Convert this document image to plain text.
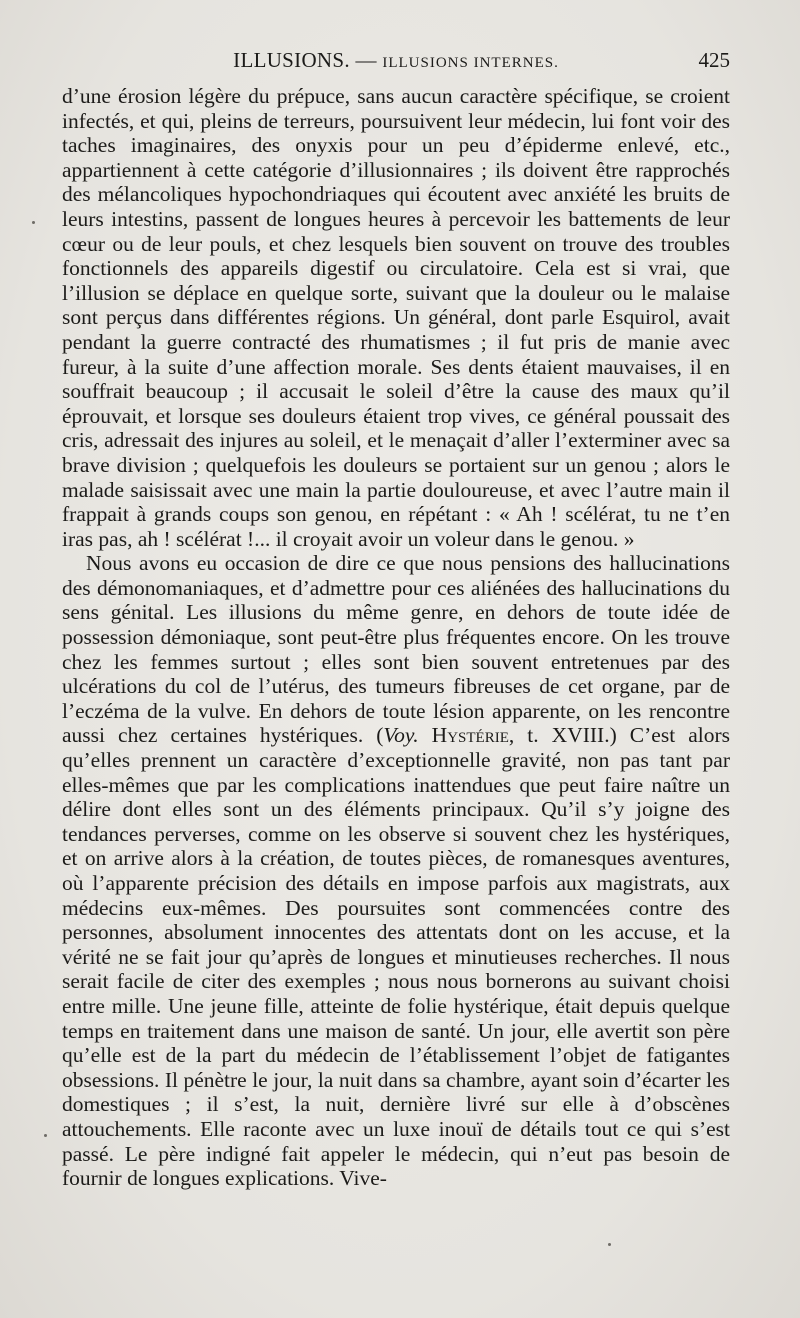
ILLUSIONS. — ILLUSIONS INTERNES.	425

d’une érosion légère du prépuce, sans aucun caractère spécifique, se croient infectés, et qui, pleins de terreurs, poursuivent leur médecin, lui font voir des taches imaginaires, des onyxis pour un peu d’épiderme enlevé, etc., appartiennent à cette catégorie d’illusionnaires ; ils doivent être rapprochés des mélancoliques hypochondriaques qui écoutent avec anxiété les bruits de leurs intestins, passent de longues heures à percevoir les battements de leur cœur ou de leur pouls, et chez lesquels bien souvent on trouve des troubles fonctionnels des appareils digestif ou circulatoire. Cela est si vrai, que l’illusion se déplace en quelque sorte, suivant que la douleur ou le malaise sont perçus dans différentes régions. Un général, dont parle Esquirol, avait pendant la guerre contracté des rhumatismes ; il fut pris de manie avec fureur, à la suite d’une affection morale. Ses dents étaient mauvaises, il en souffrait beaucoup ; il accusait le soleil d’être la cause des maux qu’il éprouvait, et lorsque ses douleurs étaient trop vives, ce général poussait des cris, adressait des injures au soleil, et le menaçait d’aller l’exterminer avec sa brave division ; quelquefois les douleurs se portaient sur un genou ; alors le malade saisissait avec une main la partie douloureuse, et avec l’autre main il frappait à grands coups son genou, en répétant : « Ah ! scélérat, tu ne t’en iras pas, ah ! scélérat !... il croyait avoir un voleur dans le genou. »

Nous avons eu occasion de dire ce que nous pensions des hallucinations des démonomaniaques, et d’admettre pour ces aliénées des hallucinations du sens génital. Les illusions du même genre, en dehors de toute idée de possession démoniaque, sont peut-être plus fréquentes encore. On les trouve chez les femmes surtout ; elles sont bien souvent entretenues par des ulcérations du col de l’utérus, des tumeurs fibreuses de cet organe, par de l’eczéma de la vulve. En dehors de toute lésion apparente, on les rencontre aussi chez certaines hystériques. (Voy. Hystérie, t. XVIII.) C’est alors qu’elles prennent un caractère d’exceptionnelle gravité, non pas tant par elles-mêmes que par les complications inattendues que peut faire naître un délire dont elles sont un des éléments principaux. Qu’il s’y joigne des tendances perverses, comme on les observe si souvent chez les hystériques, et on arrive alors à la création, de toutes pièces, de romanesques aventures, où l’apparente précision des détails en impose parfois aux magistrats, aux médecins eux-mêmes. Des poursuites sont commencées contre des personnes, absolument innocentes des attentats dont on les accuse, et la vérité ne se fait jour qu’après de longues et minutieuses recherches. Il nous serait facile de citer des exemples ; nous nous bornerons au suivant choisi entre mille. Une jeune fille, atteinte de folie hystérique, était depuis quelque temps en traitement dans une maison de santé. Un jour, elle avertit son père qu’elle est de la part du médecin de l’établissement l’objet de fatigantes obsessions. Il pénètre le jour, la nuit dans sa chambre, ayant soin d’écarter les domestiques ; il s’est, la nuit, dernière livré sur elle à d’obscènes attouchements. Elle raconte avec un luxe inouï de détails tout ce qui s’est passé. Le père indigné fait appeler le médecin, qui n’eut pas besoin de fournir de longues explications. Vive-
